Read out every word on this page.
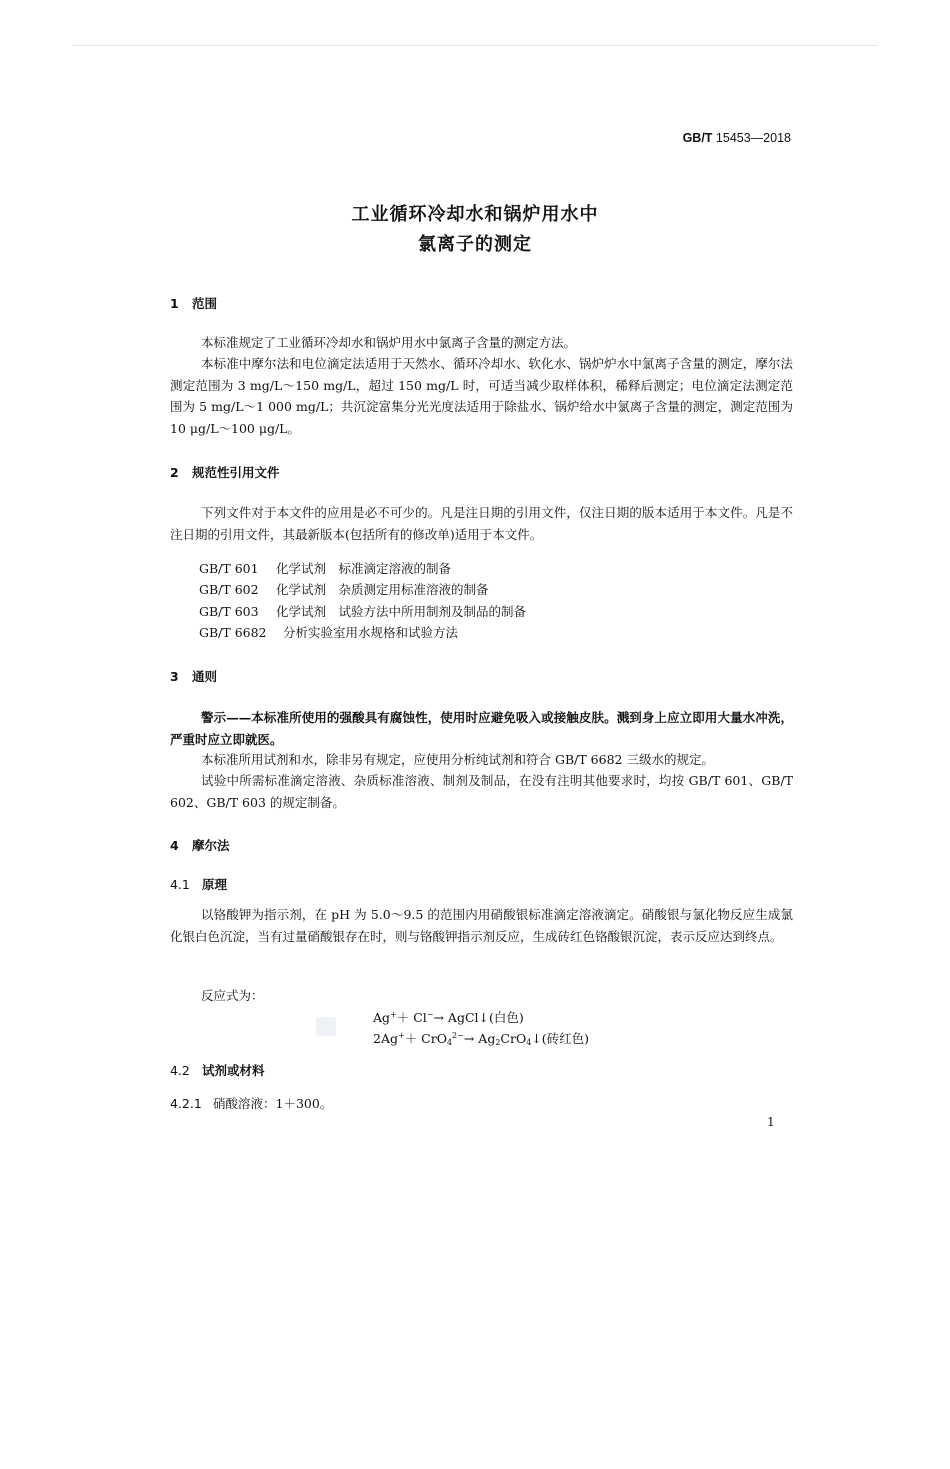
GB/T 15453—2018
工业循环冷却水和锅炉用水中
氯离子的测定
1 范围
本标准规定了工业循环冷却水和锅炉用水中氯离子含量的测定方法。
本标准中摩尔法和电位滴定法适用于天然水、循环冷却水、软化水、锅炉炉水中氯离子含量的测定，摩尔法测定范围为 3 mg/L～150 mg/L，超过 150 mg/L 时，可适当减少取样体积，稀释后测定；电位滴定法测定范围为 5 mg/L～1 000 mg/L；共沉淀富集分光光度法适用于除盐水、锅炉给水中氯离子含量的测定，测定范围为 10 μg/L～100 μg/L。
2 规范性引用文件
下列文件对于本文件的应用是必不可少的。凡是注日期的引用文件，仅注日期的版本适用于本文件。凡是不注日期的引用文件，其最新版本(包括所有的修改单)适用于本文件。
GB/T 601 化学试剂　标准滴定溶液的制备
GB/T 602 化学试剂　杂质测定用标准溶液的制备
GB/T 603 化学试剂　试验方法中所用制剂及制品的制备
GB/T 6682 分析实验室用水规格和试验方法
3 通则
警示——本标准所使用的强酸具有腐蚀性，使用时应避免吸入或接触皮肤。溅到身上应立即用大量水冲洗，严重时应立即就医。
本标准所用试剂和水，除非另有规定，应使用分析纯试剂和符合 GB/T 6682 三级水的规定。
试验中所需标准滴定溶液、杂质标准溶液、制剂及制品，在没有注明其他要求时，均按 GB/T 601、GB/T 602、GB/T 603 的规定制备。
4 摩尔法
4.1 原理
以铬酸钾为指示剂，在 pH 为 5.0～9.5 的范围内用硝酸银标准滴定溶液滴定。硝酸银与氯化物反应生成氯化银白色沉淀，当有过量硝酸银存在时，则与铬酸钾指示剂反应，生成砖红色铬酸银沉淀，表示反应达到终点。
反应式为：
Ag+＋ Cl−→ AgCl↓(白色)
$2Ag^++ CrO_4^{2-}\to Ag_2CrO_4↓$(砖红色)
4.2 试剂或材料
4.2.1 硝酸溶液：1＋300。
1
